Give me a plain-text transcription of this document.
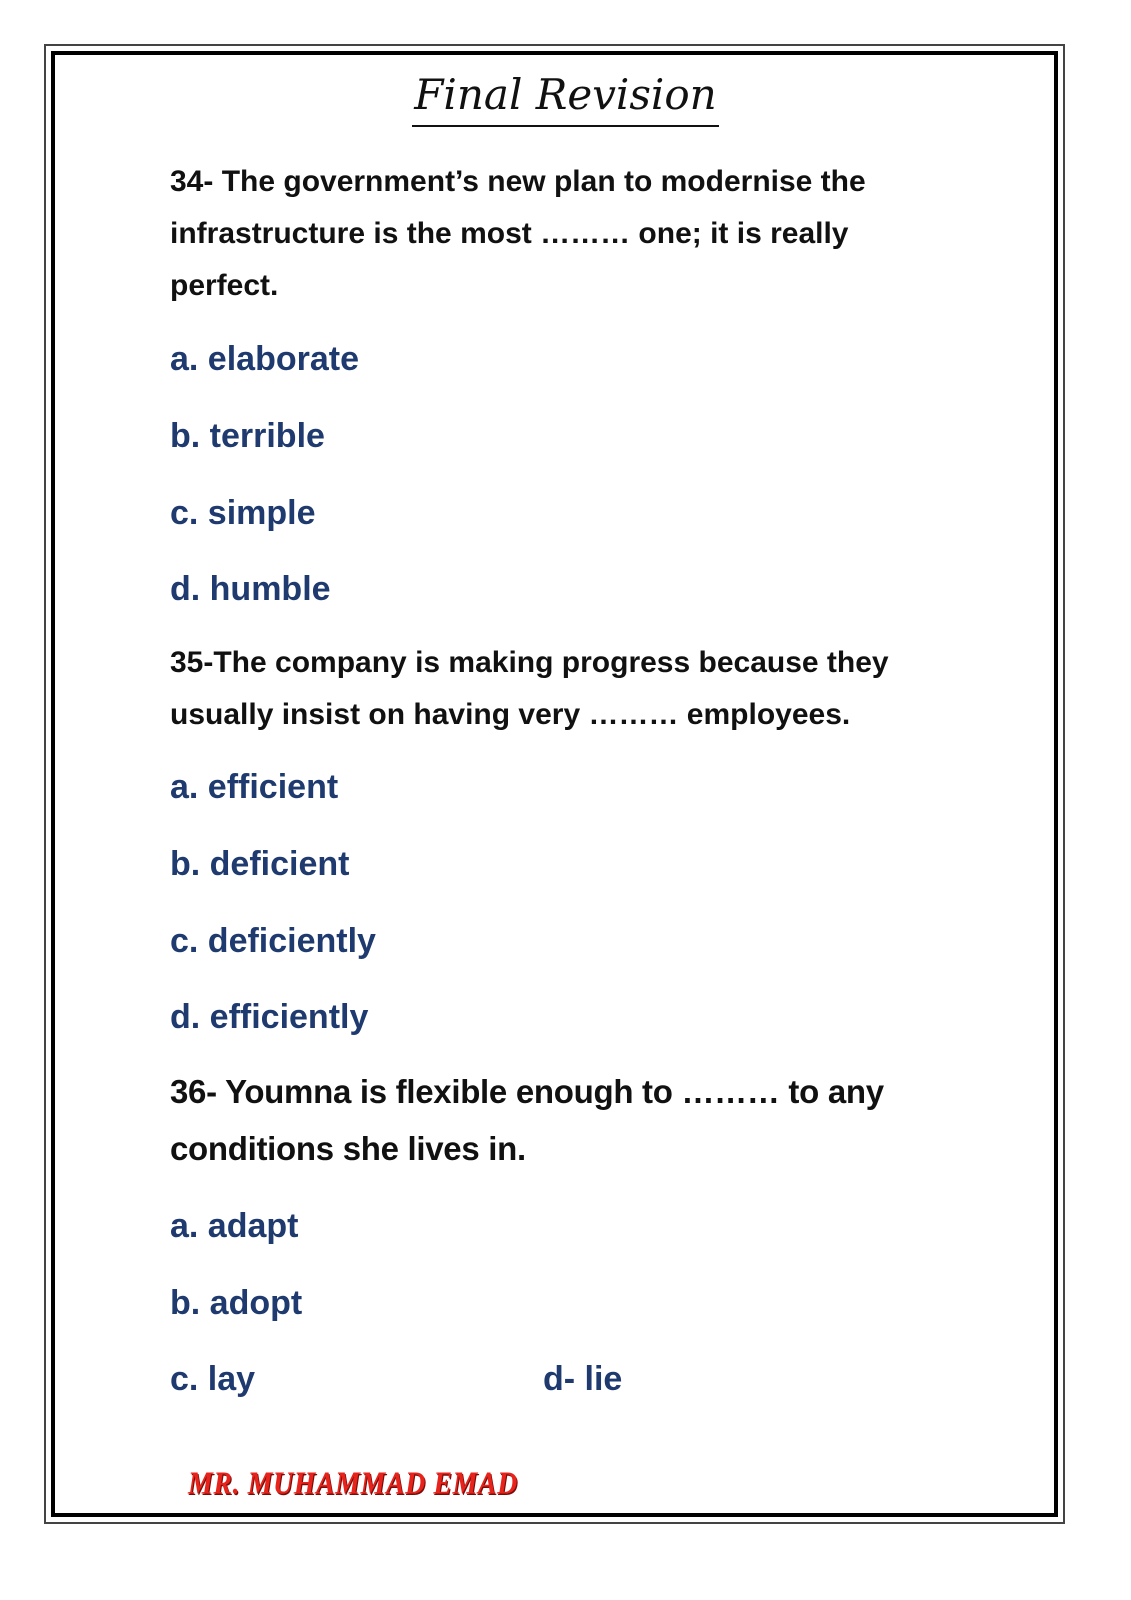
Final Revision
34- The government’s new plan to modernise the
infrastructure is the most ……… one; it is really
perfect.
a. elaborate
b. terrible
c. simple
d. humble
35-The company is making progress because they
usually insist on having very ……… employees.
a. efficient
b. deficient
c. deficiently
d. efficiently
36- Youmna is flexible enough to ……… to any
conditions she lives in.
a. adapt
b. adopt
c. lay	d- lie
MR. MUHAMMAD EMAD
